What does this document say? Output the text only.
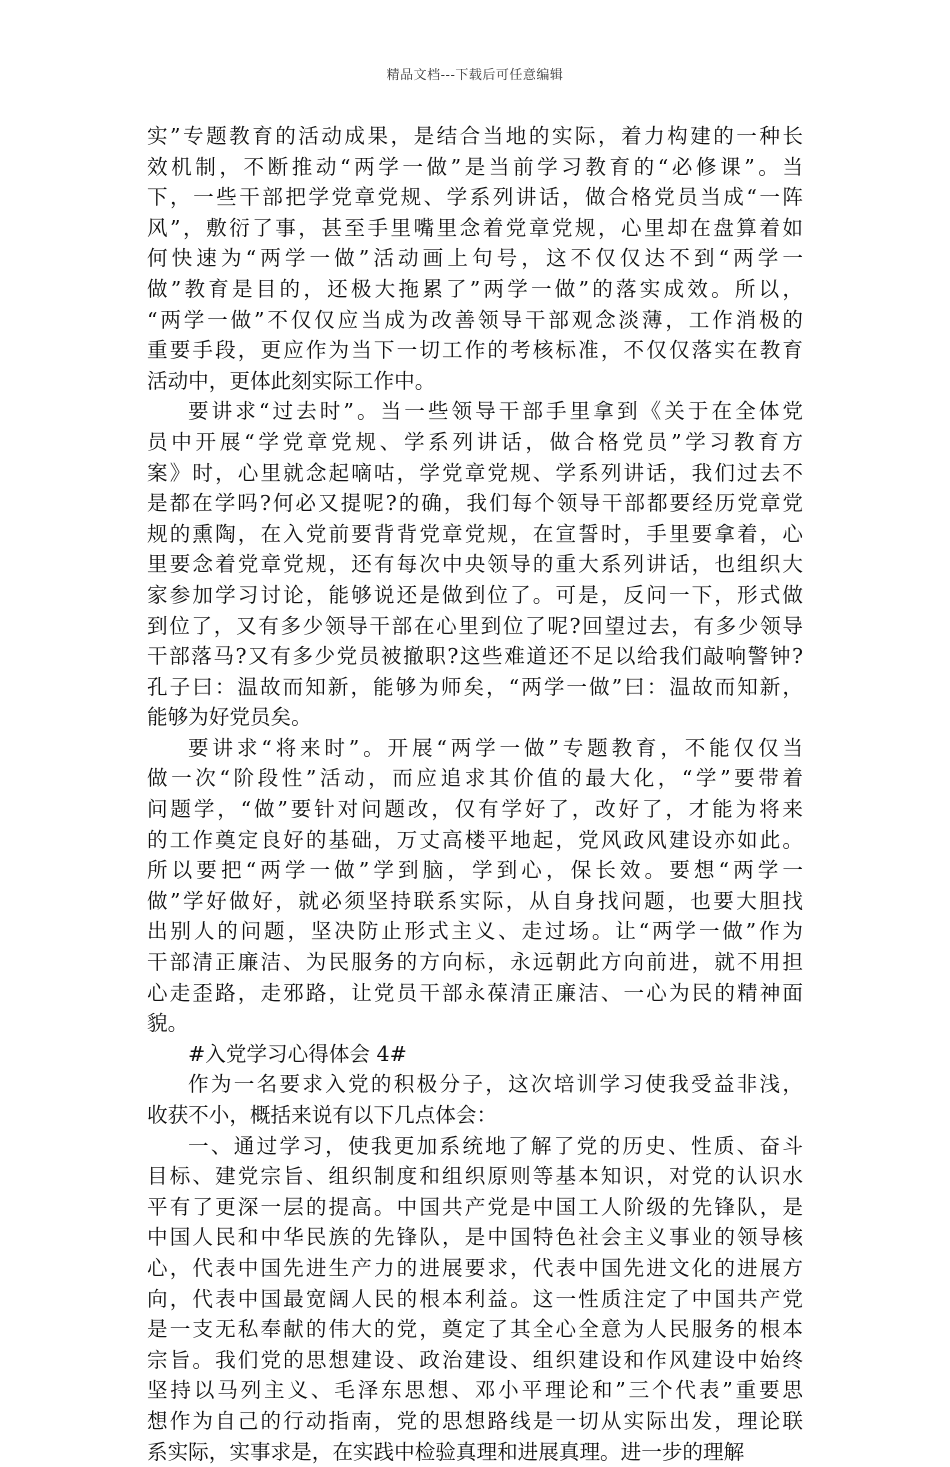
精品文档---下载后可任意编辑
实”专题教育的活动成果，是结合当地的实际，着力构建的一种长
效机制，不断推动“两学一做”是当前学习教育的“必修课”。当
下，一些干部把学党章党规、学系列讲话，做合格党员当成“一阵
风”，敷衍了事，甚至手里嘴里念着党章党规，心里却在盘算着如
何快速为“两学一做”活动画上句号，这不仅仅达不到“两学一
做”教育是目的，还极大拖累了”两学一做”的落实成效。所以，
“两学一做”不仅仅应当成为改善领导干部观念淡薄，工作消极的
重要手段，更应作为当下一切工作的考核标准，不仅仅落实在教育
活动中，更体此刻实际工作中。
要讲求“过去时”。当一些领导干部手里拿到《关于在全体党
员中开展“学党章党规、学系列讲话，做合格党员”学习教育方
案》时，心里就念起嘀咕，学党章党规、学系列讲话，我们过去不
是都在学吗?何必又提呢?的确，我们每个领导干部都要经历党章党
规的熏陶，在入党前要背背党章党规，在宣誓时，手里要拿着，心
里要念着党章党规，还有每次中央领导的重大系列讲话，也组织大
家参加学习讨论，能够说还是做到位了。可是，反问一下，形式做
到位了，又有多少领导干部在心里到位了呢?回望过去，有多少领导
干部落马?又有多少党员被撤职?这些难道还不足以给我们敲响警钟?
孔子曰：温故而知新，能够为师矣，“两学一做”曰：温故而知新，
能够为好党员矣。
要讲求“将来时”。开展“两学一做”专题教育，不能仅仅当
做一次“阶段性”活动，而应追求其价值的最大化，“学”要带着
问题学，“做”要针对问题改，仅有学好了，改好了，才能为将来
的工作奠定良好的基础，万丈高楼平地起，党风政风建设亦如此。
所以要把“两学一做”学到脑，学到心，保长效。要想“两学一
做”学好做好，就必须坚持联系实际，从自身找问题，也要大胆找
出别人的问题，坚决防止形式主义、走过场。让“两学一做”作为
干部清正廉洁、为民服务的方向标，永远朝此方向前进，就不用担
心走歪路，走邪路，让党员干部永葆清正廉洁、一心为民的精神面
貌。
#入党学习心得体会 4#
作为一名要求入党的积极分子，这次培训学习使我受益非浅，
收获不小，概括来说有以下几点体会：
一、通过学习，使我更加系统地了解了党的历史、性质、奋斗
目标、建党宗旨、组织制度和组织原则等基本知识，对党的认识水
平有了更深一层的提高。中国共产党是中国工人阶级的先锋队，是
中国人民和中华民族的先锋队，是中国特色社会主义事业的领导核
心，代表中国先进生产力的进展要求，代表中国先进文化的进展方
向，代表中国最宽阔人民的根本利益。这一性质注定了中国共产党
是一支无私奉献的伟大的党，奠定了其全心全意为人民服务的根本
宗旨。我们党的思想建设、政治建设、组织建设和作风建设中始终
坚持以马列主义、毛泽东思想、邓小平理论和”三个代表”重要思
想作为自己的行动指南，党的思想路线是一切从实际出发，理论联
系实际，实事求是，在实践中检验真理和进展真理。进一步的理解
